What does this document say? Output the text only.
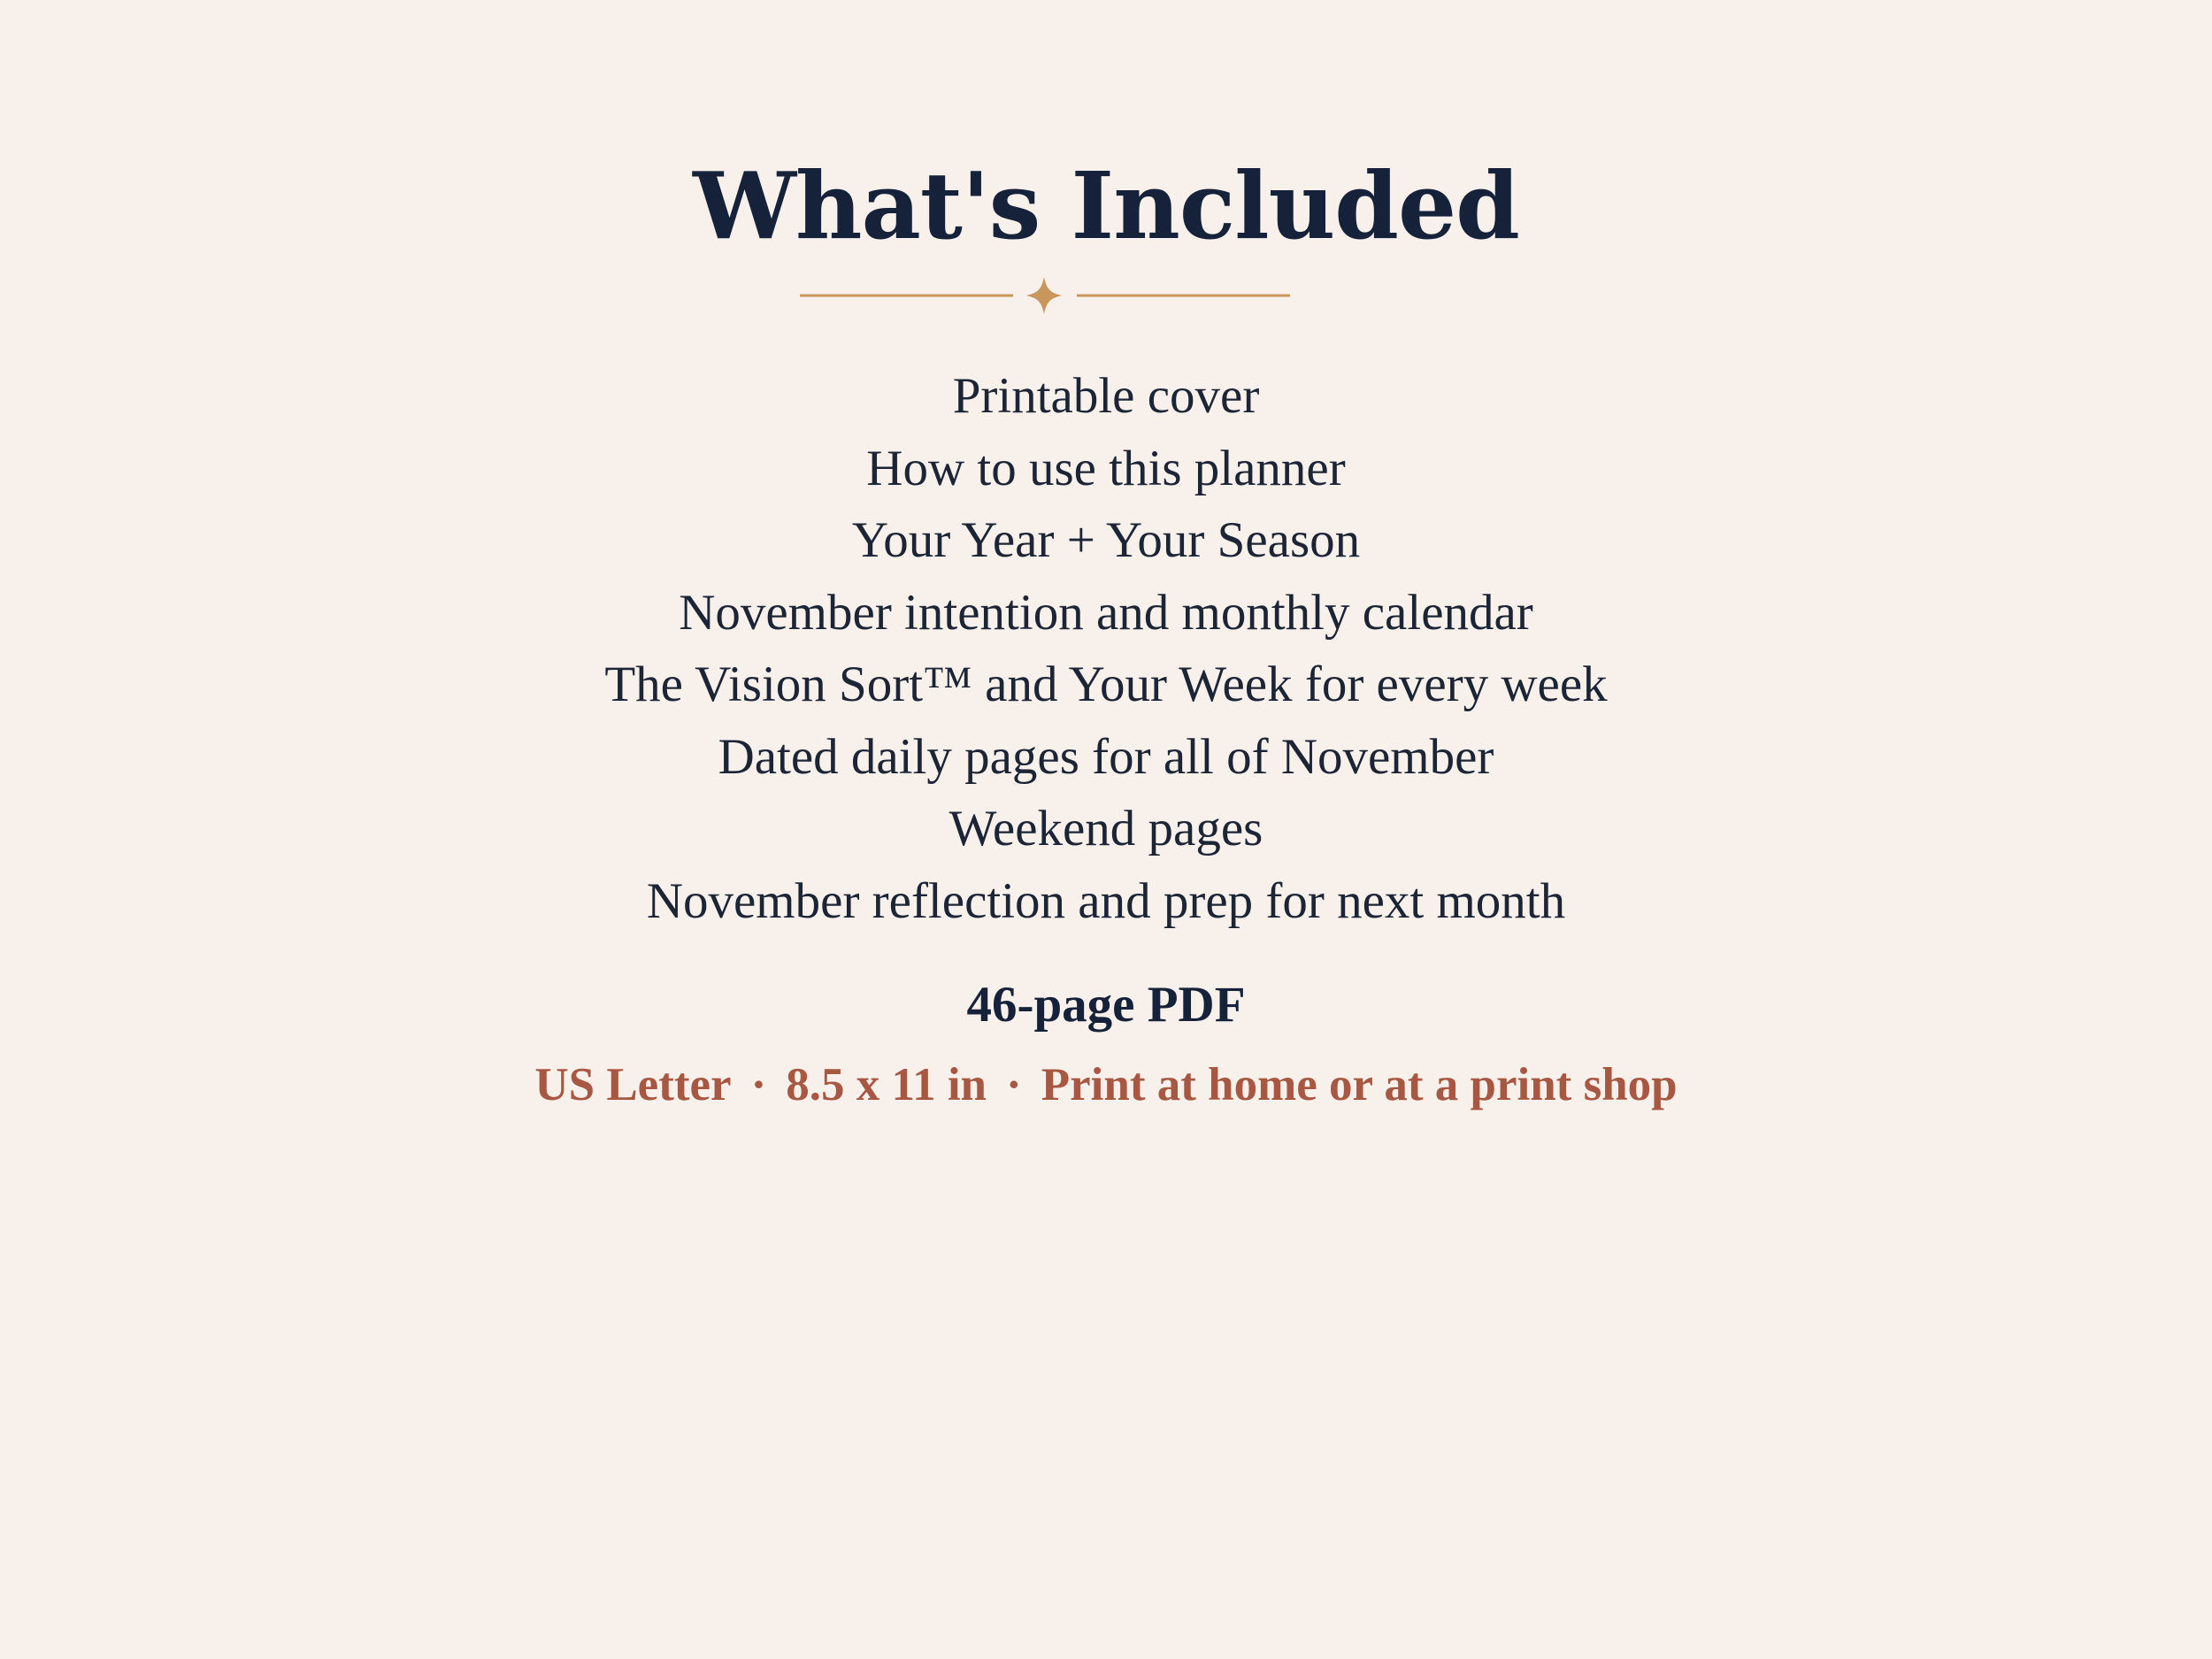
What's Included
Printable cover
How to use this planner
Your Year + Your Season
November intention and monthly calendar
The Vision Sort™ and Your Week for every week
Dated daily pages for all of November
Weekend pages
November reflection and prep for next month
46-page PDF
US Letter · 8.5 x 11 in · Print at home or at a print shop
